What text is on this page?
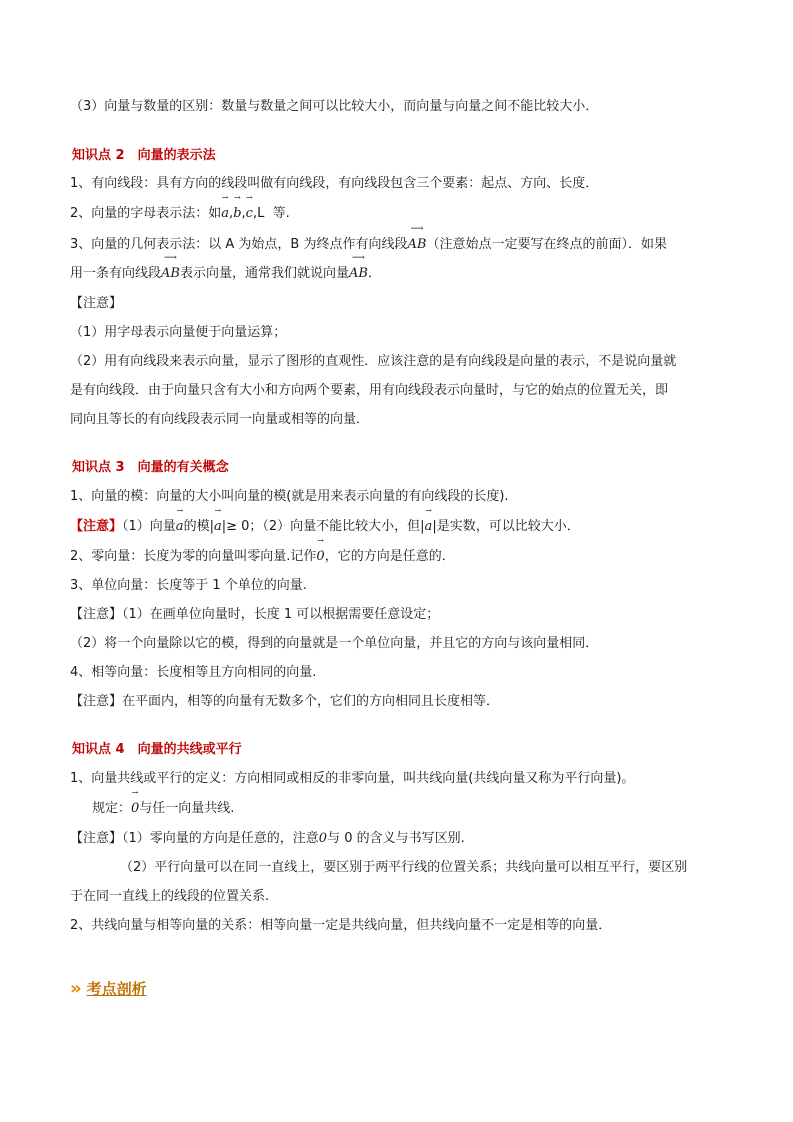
（3）向量与数量的区别：数量与数量之间可以比较大小，而向量与向量之间不能比较大小．
知识点 2　向量的表示法
1、有向线段：具有方向的线段叫做有向线段，有向线段包含三个要素：起点、方向、长度．
2、向量的字母表示法：如→ a,→ b,→ c,L 等.
3、向量的几何表示法：以 A 为始点，B 为终点作有向线段⟶ AB（注意始点一定要写在终点的前面）．如果
用一条有向线段⟶ AB表示向量，通常我们就说向量⟶ AB．
【注意】
（1）用字母表示向量便于向量运算；
（2）用有向线段来表示向量，显示了图形的直观性．应该注意的是有向线段是向量的表示，不是说向量就
是有向线段．由于向量只含有大小和方向两个要素，用有向线段表示向量时，与它的始点的位置无关，即
同向且等长的有向线段表示同一向量或相等的向量．
知识点 3　向量的有关概念
1、向量的模：向量的大小叫向量的模(就是用来表示向量的有向线段的长度).
【注意】（1）向量→ a的模|→ a|≥ 0；（2）向量不能比较大小，但|→ a|是实数，可以比较大小．
2、零向量：长度为零的向量叫零向量.记作→ 0，它的方向是任意的．
3、单位向量：长度等于 1 个单位的向量.
【注意】（1）在画单位向量时，长度 1 可以根据需要任意设定；
（2）将一个向量除以它的模，得到的向量就是一个单位向量，并且它的方向与该向量相同．
4、相等向量：长度相等且方向相同的向量.
【注意】在平面内，相等的向量有无数多个，它们的方向相同且长度相等．
知识点 4　向量的共线或平行
1、向量共线或平行的定义：方向相同或相反的非零向量，叫共线向量(共线向量又称为平行向量)。
规定：→ 0与任一向量共线.
【注意】（1）零向量的方向是任意的，注意0与 0 的含义与书写区别.
（2）平行向量可以在同一直线上，要区别于两平行线的位置关系；共线向量可以相互平行，要区别
于在同一直线上的线段的位置关系.
2、共线向量与相等向量的关系：相等向量一定是共线向量，但共线向量不一定是相等的向量．
» 考点剖析
